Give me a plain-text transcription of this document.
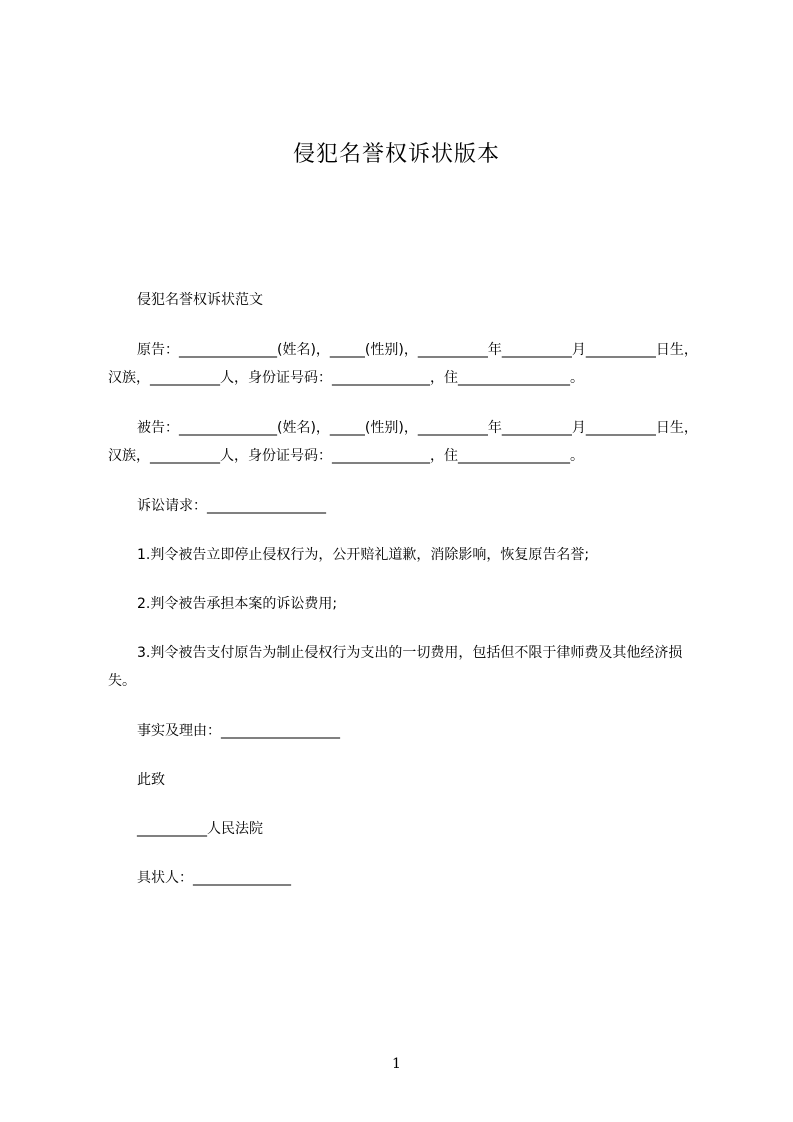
侵犯名誉权诉状版本

侵犯名誉权诉状范文

原告：______________(姓名)，_____(性别)，__________年__________月__________日生，汉族，__________人，身份证号码：______________，住________________。

被告：______________(姓名)，_____(性别)，__________年__________月__________日生，汉族，__________人，身份证号码：______________，住________________。

诉讼请求：_________________

1.判令被告立即停止侵权行为，公开赔礼道歉，消除影响，恢复原告名誉;

2.判令被告承担本案的诉讼费用;

3.判令被告支付原告为制止侵权行为支出的一切费用，包括但不限于律师费及其他经济损失。

事实及理由：_________________

此致

__________人民法院

具状人：______________

1
